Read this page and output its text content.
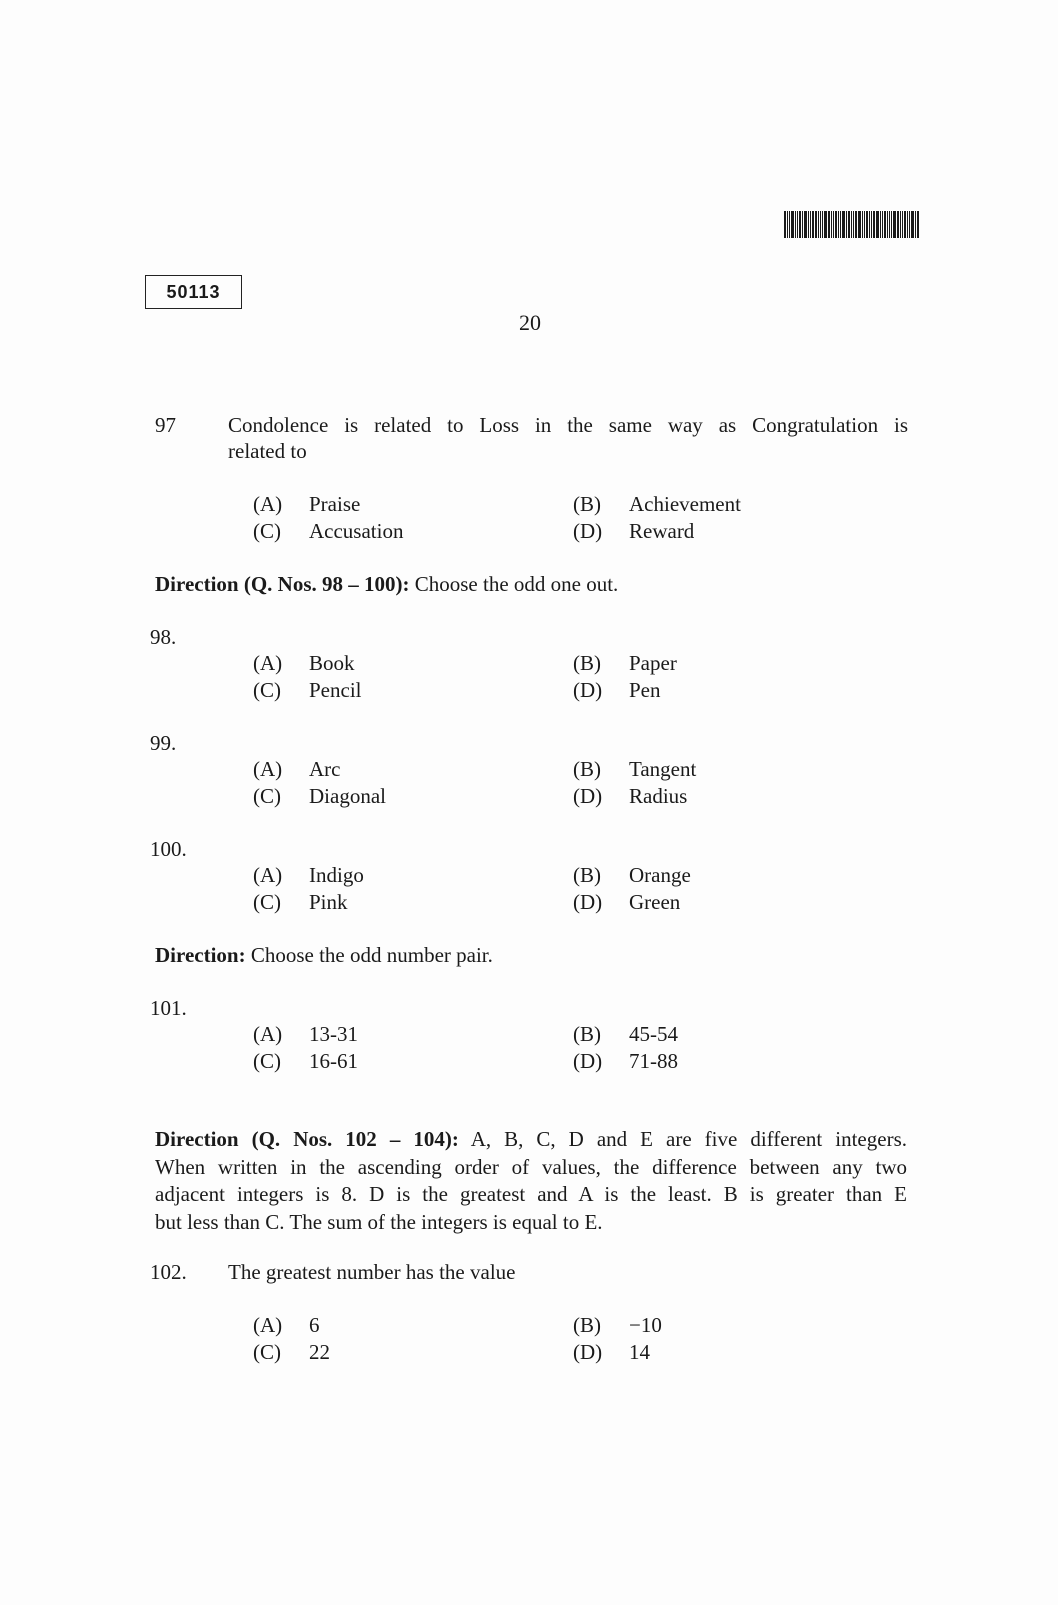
50113
20
97 Condolence is related to Loss in the same way as Congratulation is
related to
(A) Praise	(B) Achievement
(C) Accusation	(D) Reward
Direction (Q. Nos. 98 – 100): Choose the odd one out.
98.
(A) Book	(B) Paper
(C) Pencil	(D) Pen
99.
(A) Arc	(B) Tangent
(C) Diagonal	(D) Radius
100.
(A) Indigo	(B) Orange
(C) Pink	(D) Green
Direction: Choose the odd number pair.
101.
(A) 13-31	(B) 45-54
(C) 16-61	(D) 71-88
Direction (Q. Nos. 102 – 104): A, B, C, D and E are five different integers.
When written in the ascending order of values, the difference between any two
adjacent integers is 8. D is the greatest and A is the least. B is greater than E
but less than C. The sum of the integers is equal to E.
102. The greatest number has the value
(A) 6	(B) −10
(C) 22	(D) 14
